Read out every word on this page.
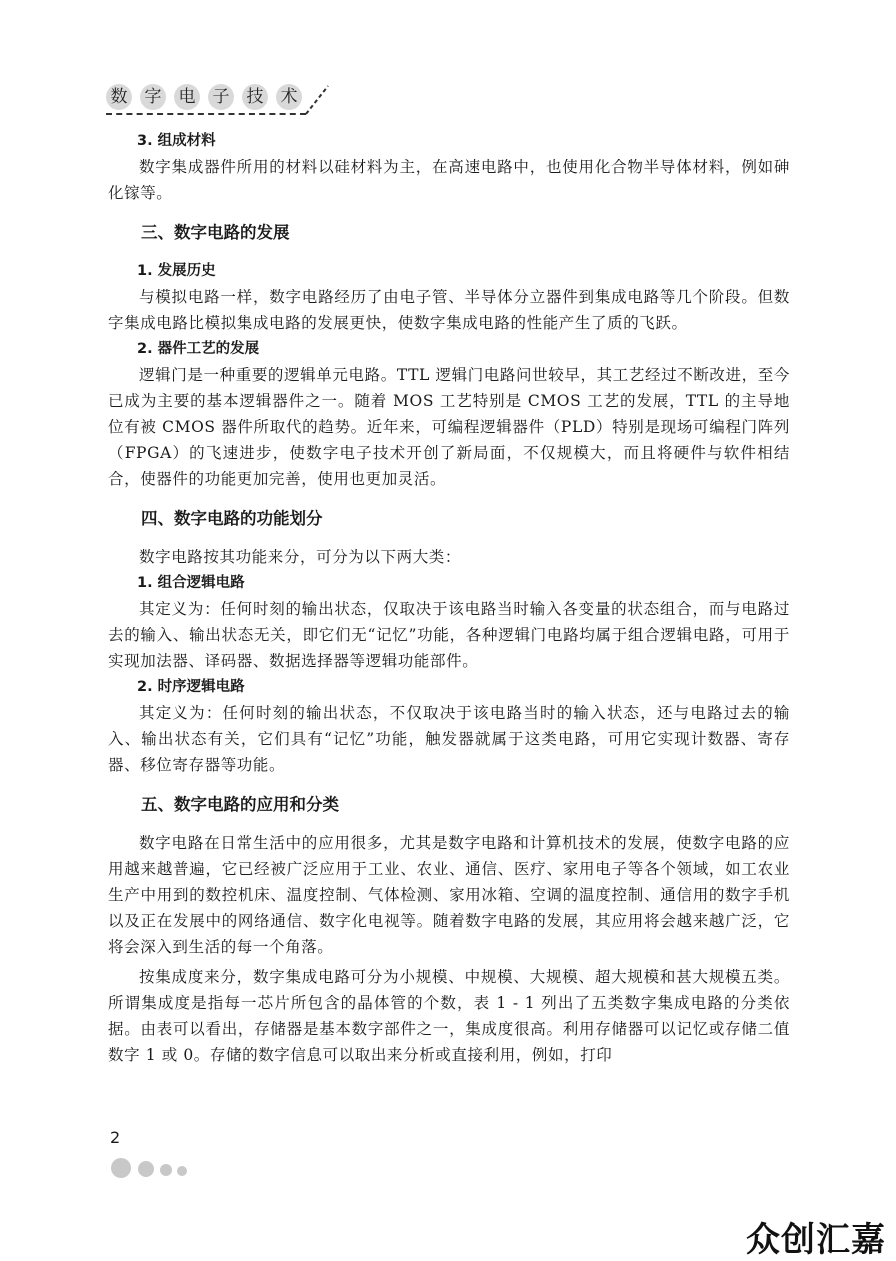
数 字 电 子 技 术

3. 组成材料

数字集成器件所用的材料以硅材料为主，在高速电路中，也使用化合物半导体材料，例如砷化镓等。

三、数字电路的发展

1. 发展历史

与模拟电路一样，数字电路经历了由电子管、半导体分立器件到集成电路等几个阶段。但数字集成电路比模拟集成电路的发展更快，使数字集成电路的性能产生了质的飞跃。

2. 器件工艺的发展

逻辑门是一种重要的逻辑单元电路。TTL 逻辑门电路问世较早，其工艺经过不断改进，至今已成为主要的基本逻辑器件之一。随着 MOS 工艺特别是 CMOS 工艺的发展，TTL 的主导地位有被 CMOS 器件所取代的趋势。近年来，可编程逻辑器件（PLD）特别是现场可编程门阵列（FPGA）的飞速进步，使数字电子技术开创了新局面，不仅规模大，而且将硬件与软件相结合，使器件的功能更加完善，使用也更加灵活。

四、数字电路的功能划分

数字电路按其功能来分，可分为以下两大类：

1. 组合逻辑电路

其定义为：任何时刻的输出状态，仅取决于该电路当时输入各变量的状态组合，而与电路过去的输入、输出状态无关，即它们无“记忆”功能，各种逻辑门电路均属于组合逻辑电路，可用于实现加法器、译码器、数据选择器等逻辑功能部件。

2. 时序逻辑电路

其定义为：任何时刻的输出状态，不仅取决于该电路当时的输入状态，还与电路过去的输入、输出状态有关，它们具有“记忆”功能，触发器就属于这类电路，可用它实现计数器、寄存器、移位寄存器等功能。

五、数字电路的应用和分类

数字电路在日常生活中的应用很多，尤其是数字电路和计算机技术的发展，使数字电路的应用越来越普遍，它已经被广泛应用于工业、农业、通信、医疗、家用电子等各个领域，如工农业生产中用到的数控机床、温度控制、气体检测、家用冰箱、空调的温度控制、通信用的数字手机以及正在发展中的网络通信、数字化电视等。随着数字电路的发展，其应用将会越来越广泛，它将会深入到生活的每一个角落。

按集成度来分，数字集成电路可分为小规模、中规模、大规模、超大规模和甚大规模五类。所谓集成度是指每一芯片所包含的晶体管的个数，表 1 - 1 列出了五类数字集成电路的分类依据。由表可以看出，存储器是基本数字部件之一，集成度很高。利用存储器可以记忆或存储二值数字 1 或 0。存储的数字信息可以取出来分析或直接利用，例如，打印

2
众创汇嘉
